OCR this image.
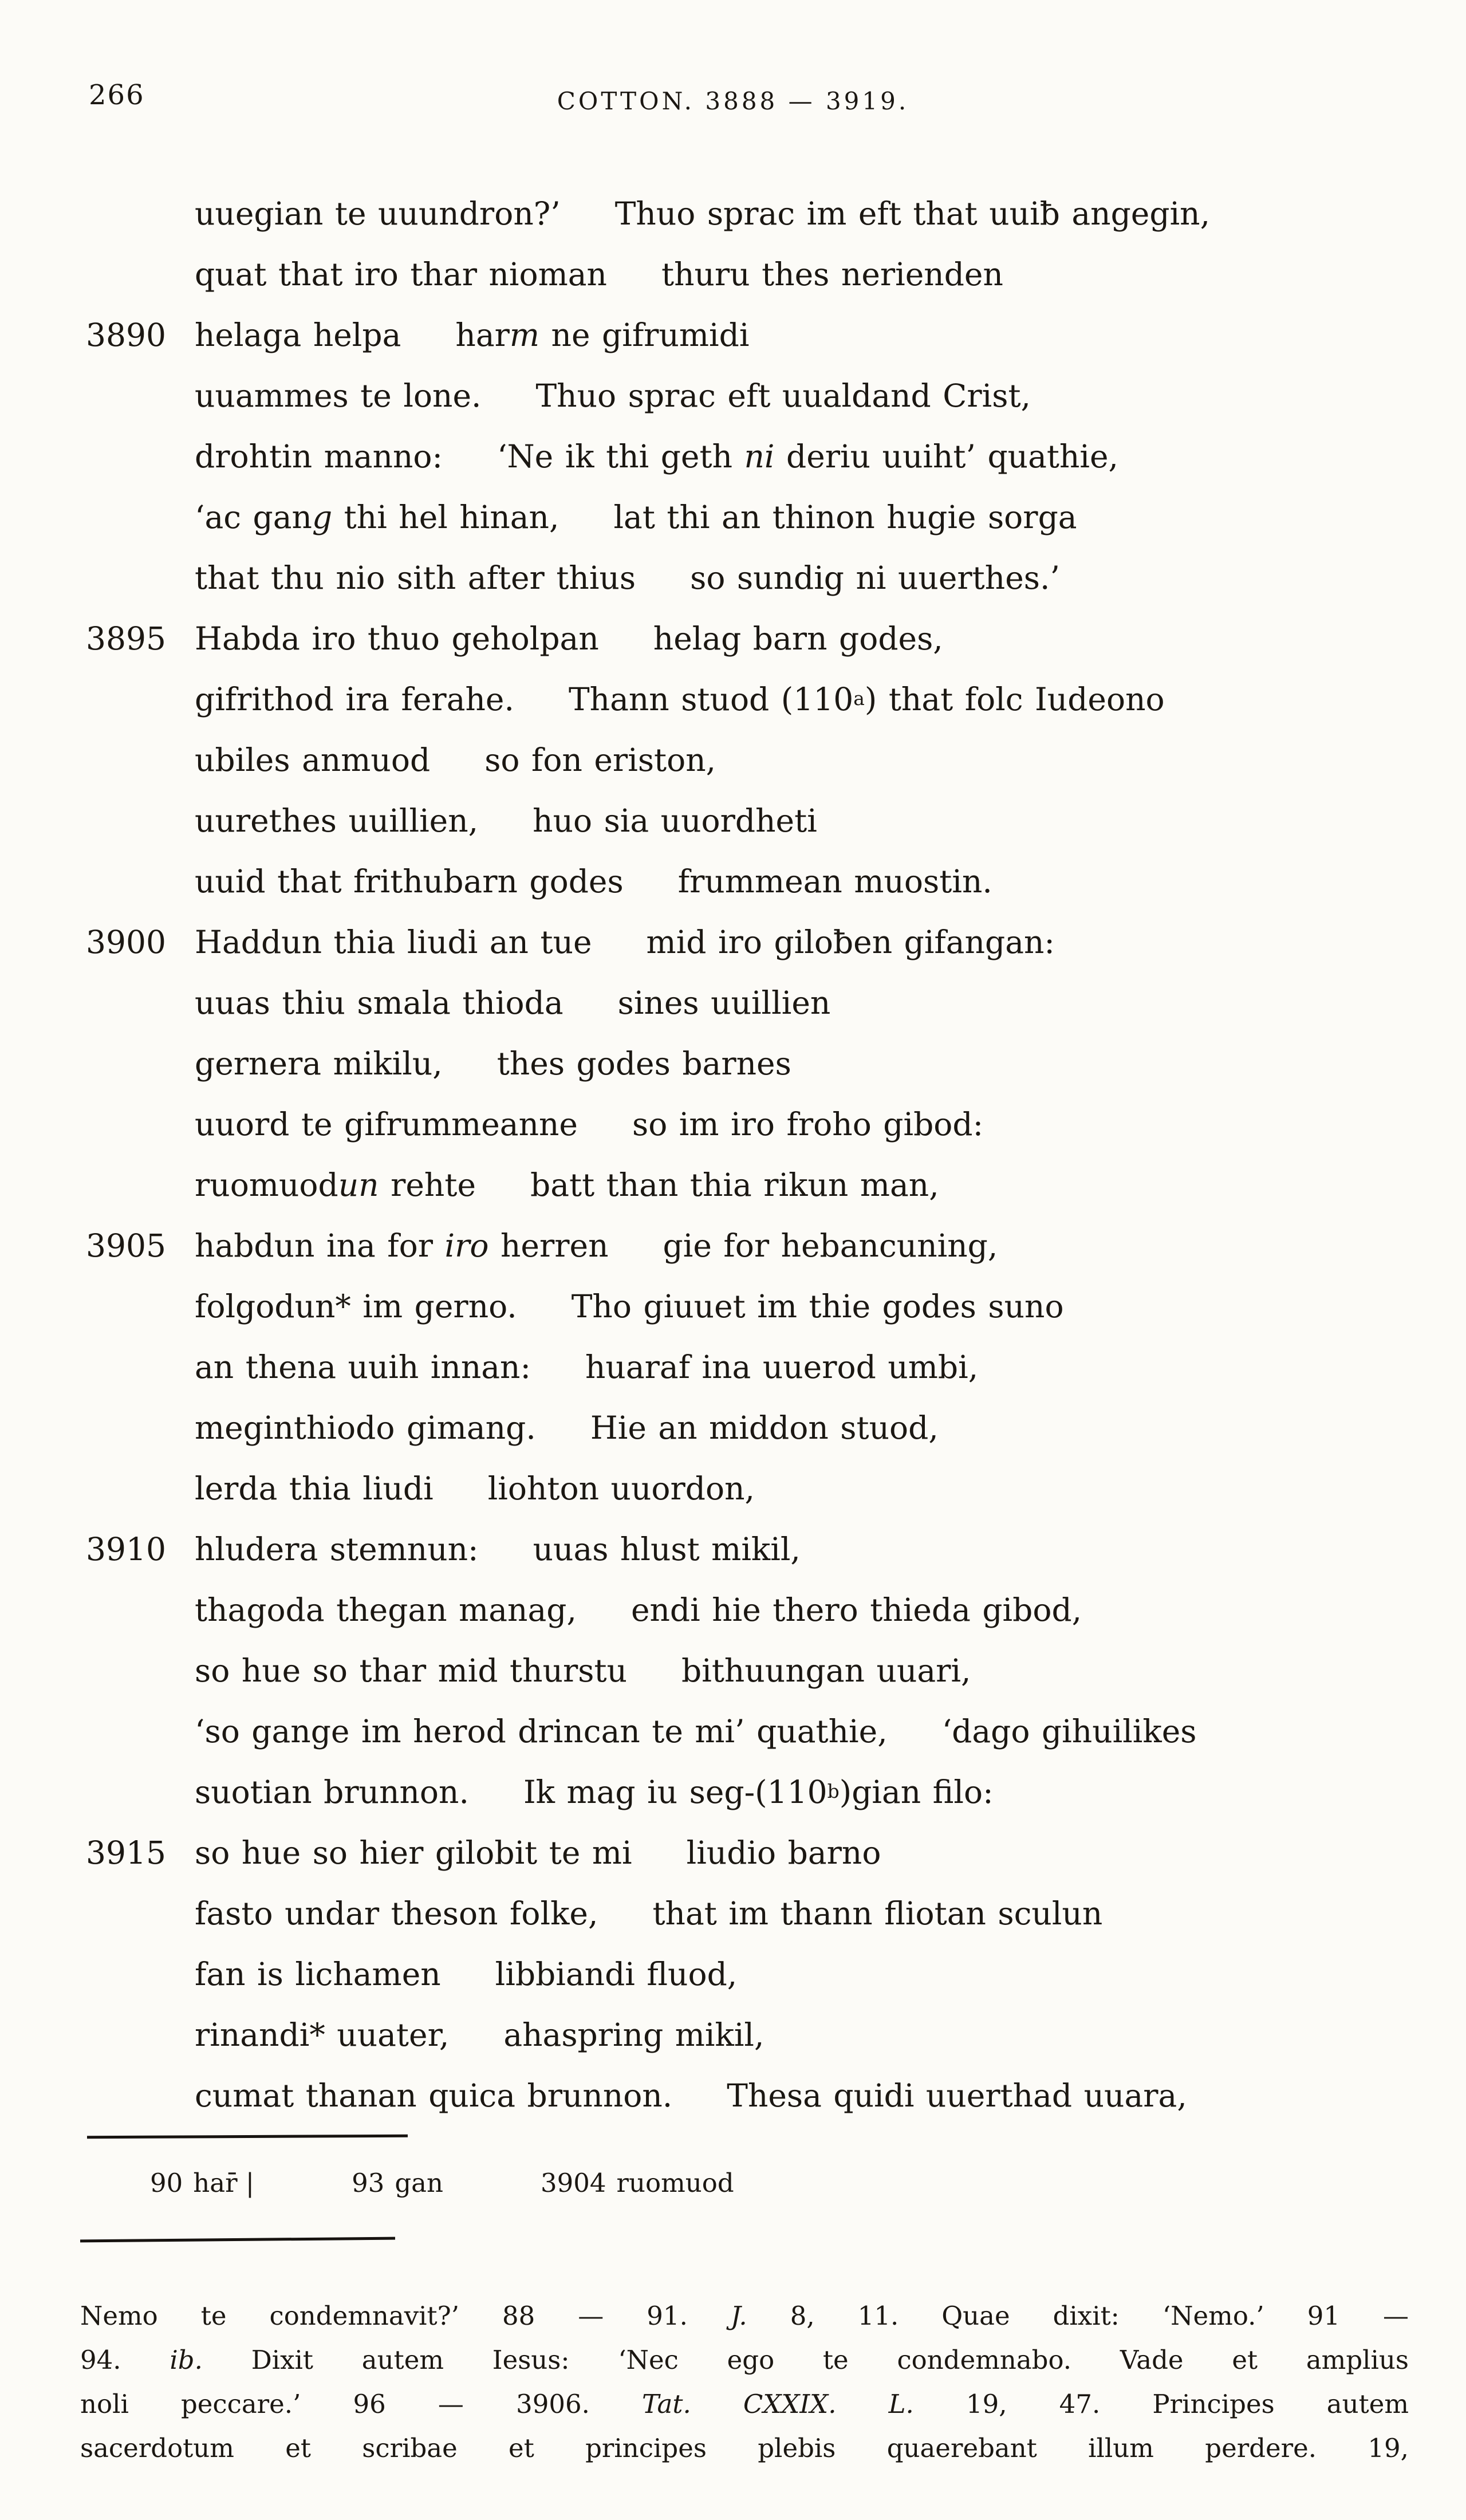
266	COTTON. 3888 — 3919.
uuegian te uuundron?’ Thuo sprac im eft that uuiƀ angegin,
quat that iro thar nioman thuru thes nerienden
3890 helaga helpa harm ne gifrumidi
uuammes te lone. Thuo sprac eft uualdand Crist,
drohtin manno: ‘Ne ik thi geth ni deriu uuiht’ quathie,
‘ac gang thi hel hinan, lat thi an thinon hugie sorga
that thu nio sith after thius so sundig ni uuerthes.’
3895 Habda iro thuo geholpan helag barn godes,
gifrithod ira ferahe. Thann stuod (110$^a$) that folc Iudeono
ubiles anmuod so fon eriston,
uurethes uuillien, huo sia uuordheti
uuid that frithubarn godes frummean muostin.
3900 Haddun thia liudi an tue mid iro giloƀen gifangan:
uuas thiu smala thioda sines uuillien
gernera mikilu, thes godes barnes
uuord te gifrummeanne so im iro froho gibod:
ruomuodun rehte batt than thia rikun man,
3905 habdun ina for iro herren gie for hebancuning,
folgodun* im gerno. Tho giuuet im thie godes suno
an thena uuih innan: huaraf ina uuerod umbi,
meginthiodo gimang. Hie an middon stuod,
lerda thia liudi liohton uuordon,
3910 hludera stemnun: uuas hlust mikil,
thagoda thegan manag, endi hie thero thieda gibod,
so hue so thar mid thurstu bithuungan uuari,
‘so gange im herod drincan te mi’ quathie, ‘dago gihuilikes
suotian brunnon. Ik mag iu seg-(110$^b$)gian filo:
3915 so hue so hier gilobit te mi liudio barno
fasto undar theson folke, that im thann fliotan sculun
fan is lichamen libbiandi fluod,
rinandi* uuater, ahaspring mikil,
cumat thanan quica brunnon. Thesa quidi uuerthad uuara,
90 har̄ |	93 gan	3904 ruomuod
Nemo te condemnavit?’ 88 — 91. J. 8, 11. Quae dixit: ‘Nemo.’ 91 —
94. ib. Dixit autem Iesus: ‘Nec ego te condemnabo. Vade et amplius
noli peccare.’ 96 — 3906. Tat. CXXIX. L. 19, 47. Principes autem
sacerdotum et scribae et principes plebis quaerebant illum perdere. 19,
